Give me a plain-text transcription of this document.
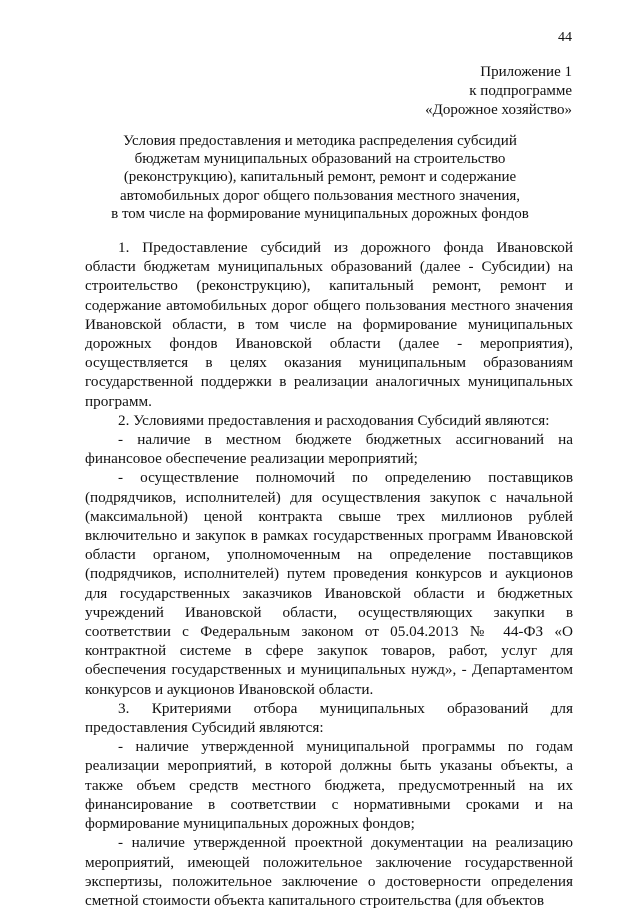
44
Приложение 1
к подпрограмме
«Дорожное хозяйство»
Условия предоставления и методика распределения субсидий
бюджетам муниципальных образований на строительство
(реконструкцию), капитальный ремонт, ремонт и содержание
автомобильных дорог общего пользования местного значения,
в том числе на формирование муниципальных дорожных фондов

1. Предоставление субсидий из дорожного фонда Ивановской области бюджетам муниципальных образований (далее - Субсидии) на строительство (реконструкцию), капитальный ремонт, ремонт и содержание автомобильных дорог общего пользования местного значения Ивановской области, в том числе на формирование муниципальных дорожных фондов Ивановской области (далее - мероприятия), осуществляется в целях оказания муниципальным образованиям государственной поддержки в реализации аналогичных муниципальных программ.

2. Условиями предоставления и расходования Субсидий являются:

- наличие в местном бюджете бюджетных ассигнований на финансовое обеспечение реализации мероприятий;

- осуществление полномочий по определению поставщиков (подрядчиков, исполнителей) для осуществления закупок с начальной (максимальной) ценой контракта свыше трех миллионов рублей включительно и закупок в рамках государственных программ Ивановской области органом, уполномоченным на определение поставщиков (подрядчиков, исполнителей) путем проведения конкурсов и аукционов для государственных заказчиков Ивановской области и бюджетных учреждений Ивановской области, осуществляющих закупки в соответствии с Федеральным законом от 05.04.2013 № 44-ФЗ «О контрактной системе в сфере закупок товаров, работ, услуг для обеспечения государственных и муниципальных нужд», - Департаментом конкурсов и аукционов Ивановской области.

3. Критериями отбора муниципальных образований для предоставления Субсидий являются:

- наличие утвержденной муниципальной программы по годам реализации мероприятий, в которой должны быть указаны объекты, а также объем средств местного бюджета, предусмотренный на их финансирование в соответствии с нормативными сроками и на формирование муниципальных дорожных фондов;

- наличие утвержденной проектной документации на реализацию мероприятий, имеющей положительное заключение государственной экспертизы, положительное заключение о достоверности определения сметной стоимости объекта капитального строительства (для объектов
